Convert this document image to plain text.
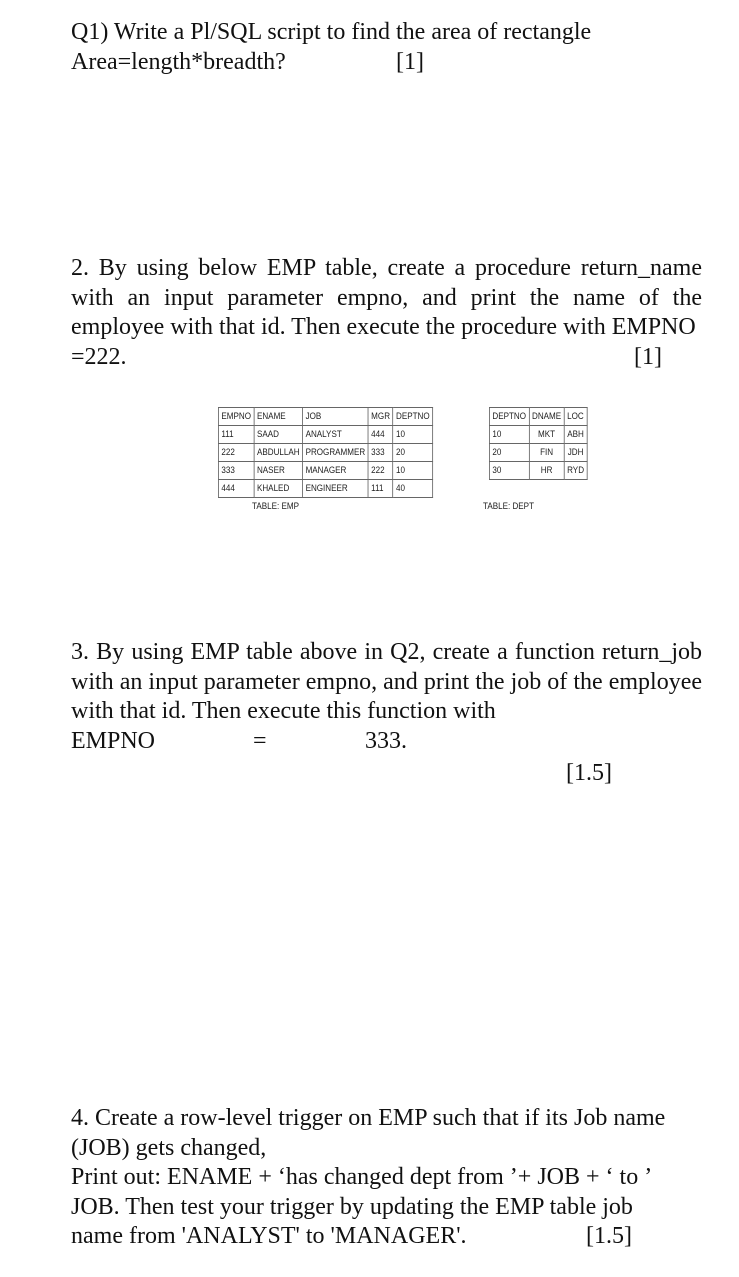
Q1) Write a Pl/SQL script to find the area of rectangle
Area=length*breadth?	[1]
2. By using below EMP table, create a procedure return_name with an input parameter empno, and print the name of the employee with that id. Then execute the procedure with EMPNO
=222.	[1]
EMPNO	ENAME	JOB	MGR	DEPTNO
111	SAAD	ANALYST	444	10
222	ABDULLAH	PROGRAMMER	333	20
333	NASER	MANAGER	222	10
444	KHALED	ENGINEER	111	40
TABLE: EMP
DEPTNO	DNAME	LOC
10	MKT	ABH
20	FIN	JDH
30	HR	RYD
TABLE: DEPT
3. By using EMP table above in Q2, create a function return_job with an input parameter empno, and print the job of the employee with that id. Then execute this function with
EMPNO	=	333.
[1.5]
4. Create a row-level trigger on EMP such that if its Job name
(JOB) gets changed,
Print out: ENAME + ‘has changed dept from ’+ JOB + ‘ to ’
JOB. Then test your trigger by updating the EMP table job
name from 'ANALYST' to 'MANAGER'.	[1.5]
